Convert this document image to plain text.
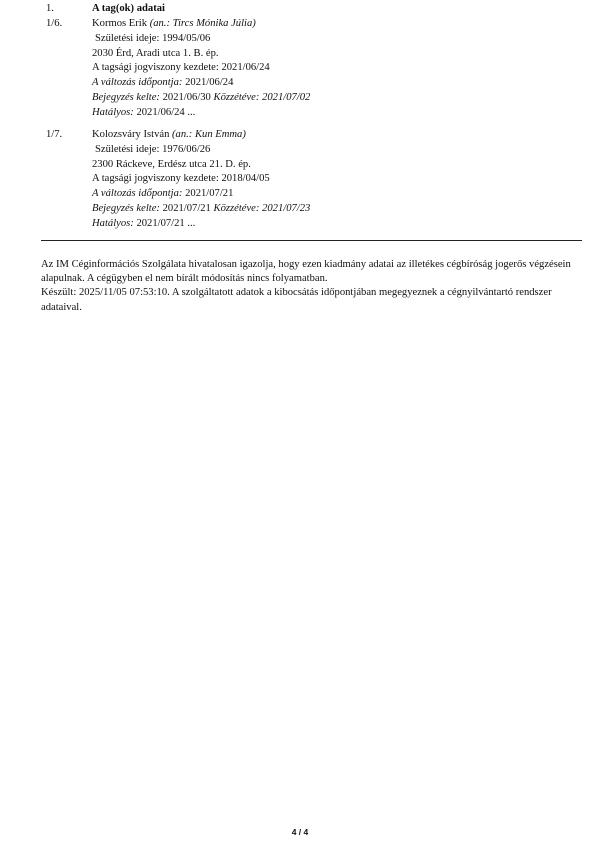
1.	A tag(ok) adatai
1/6.	Kormos Erik (an.: Tircs Mónika Júlia)
Születési ideje: 1994/05/06
2030 Érd, Aradi utca 1. B. ép.
A tagsági jogviszony kezdete: 2021/06/24
A változás időpontja: 2021/06/24
Bejegyzés kelte: 2021/06/30 Közzétéve: 2021/07/02
Hatályos: 2021/06/24 ...
1/7.	Kolozsváry István (an.: Kun Emma)
Születési ideje: 1976/06/26
2300 Ráckeve, Erdész utca 21. D. ép.
A tagsági jogviszony kezdete: 2018/04/05
A változás időpontja: 2021/07/21
Bejegyzés kelte: 2021/07/21 Közzétéve: 2021/07/23
Hatályos: 2021/07/21 ...

Az IM Céginformációs Szolgálata hivatalosan igazolja, hogy ezen kiadmány adatai az illetékes cégbíróság jogerős végzésein alapulnak. A cégügyben el nem bírált módosítás nincs folyamatban.

Készült: 2025/11/05 07:53:10. A szolgáltatott adatok a kibocsátás időpontjában megegyeznek a cégnyilvántartó rendszer adataival.

4 / 4
